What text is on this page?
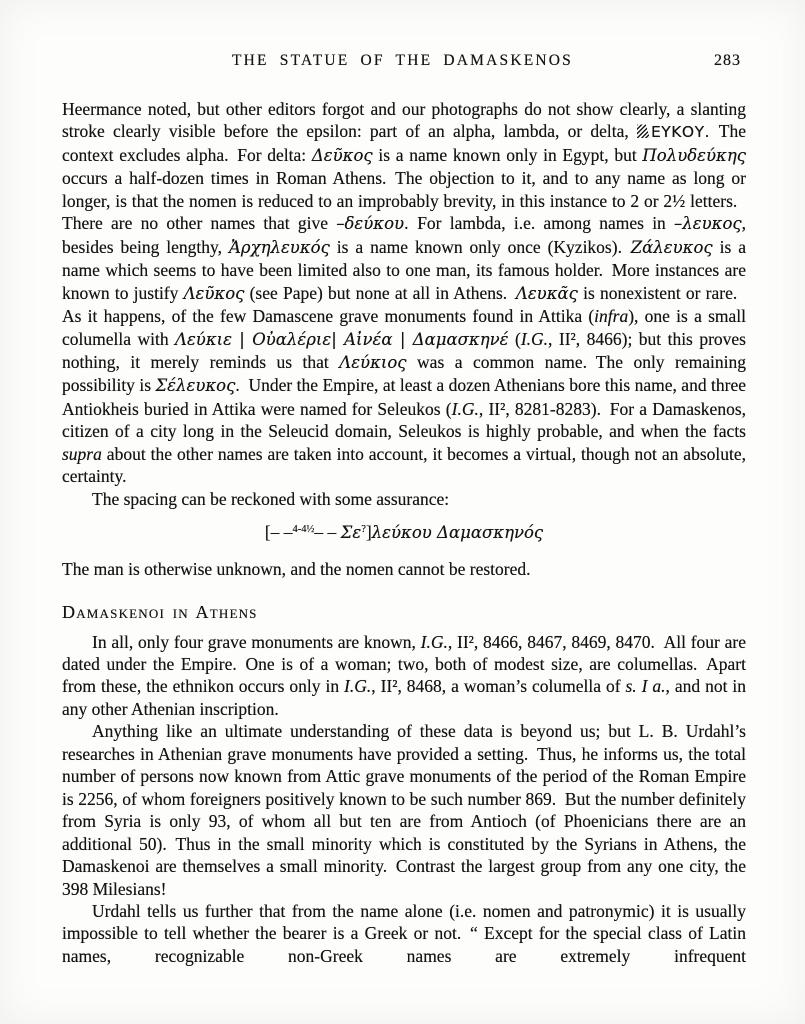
THE STATUE OF THE DAMASKENOS	283
Heermance noted, but other editors forgot and our photographs do not show clearly, a slanting stroke clearly visible before the epsilon: part of an alpha, lambda, or delta, ΕΥΚΟΥ. The context excludes alpha. For delta: Δεῦκος is a name known only in Egypt, but Πολυδεύκης occurs a half-dozen times in Roman Athens. The objection to it, and to any name as long or longer, is that the nomen is reduced to an improbably brevity, in this instance to 2 or 2½ letters. There are no other names that give –δεύκου. For lambda, i.e. among names in –λευκος, besides being lengthy, Ἀρχηλευκός is a name known only once (Kyzikos). Ζάλευκος is a name which seems to have been limited also to one man, its famous holder. More instances are known to justify Λεῦκος (see Pape) but none at all in Athens. Λευκᾶς is nonexistent or rare. As it happens, of the few Damascene grave monuments found in Attika (infra), one is a small columella with Λεύκιε | Οὐαλέριε| Αἰνέα | Δαμασκηνέ (I.G., II², 8466); but this proves nothing, it merely reminds us that Λεύκιος was a common name. The only remaining possibility is Σέλευκος. Under the Empire, at least a dozen Athenians bore this name, and three Antiokheis buried in Attika were named for Seleukos (I.G., II², 8281-8283). For a Damaskenos, citizen of a city long in the Seleucid domain, Seleukos is highly probable, and when the facts supra about the other names are taken into account, it becomes a virtual, though not an absolute, certainty.
The spacing can be reckoned with some assurance:
[– –$^{4-4\frac{1}{2}}$– – Σε?]λεύκου Δαμασκηνός
The man is otherwise unknown, and the nomen cannot be restored.
Damaskenoi in Athens
In all, only four grave monuments are known, I.G., II², 8466, 8467, 8469, 8470. All four are dated under the Empire. One is of a woman; two, both of modest size, are columellas. Apart from these, the ethnikon occurs only in I.G., II², 8468, a woman’s columella of s. I a., and not in any other Athenian inscription.
Anything like an ultimate understanding of these data is beyond us; but L. B. Urdahl’s researches in Athenian grave monuments have provided a setting. Thus, he informs us, the total number of persons now known from Attic grave monuments of the period of the Roman Empire is 2256, of whom foreigners positively known to be such number 869. But the number definitely from Syria is only 93, of whom all but ten are from Antioch (of Phoenicians there are an additional 50). Thus in the small minority which is constituted by the Syrians in Athens, the Damaskenoi are themselves a small minority. Contrast the largest group from any one city, the 398 Milesians!
Urdahl tells us further that from the name alone (i.e. nomen and patronymic) it is usually impossible to tell whether the bearer is a Greek or not. “ Except for the special class of Latin names, recognizable non-Greek names are extremely infrequent
